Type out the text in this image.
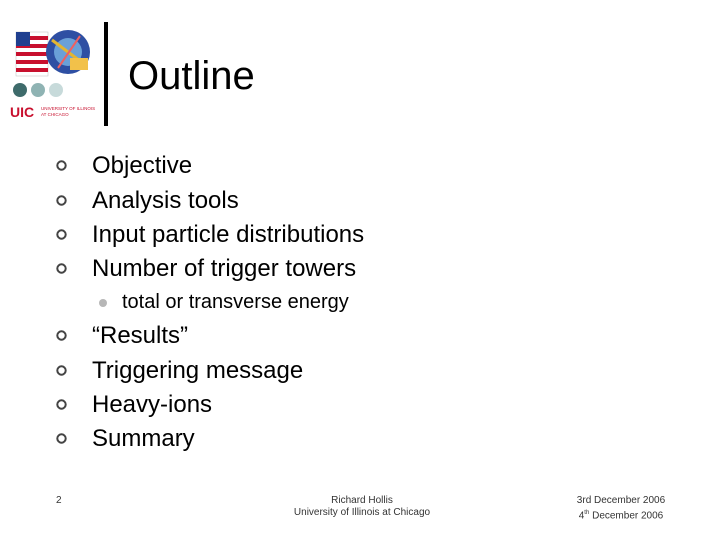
UIC UNIVERSITY OF ILLINOIS
AT CHICAGO
Outline
Objective
Analysis tools
Input particle distributions
Number of trigger towers
total or transverse energy
“Results”
Triggering message
Heavy-ions
Summary
2	Richard Hollis
University of Illinois at Chicago
3rd December 2006
4th December 2006
